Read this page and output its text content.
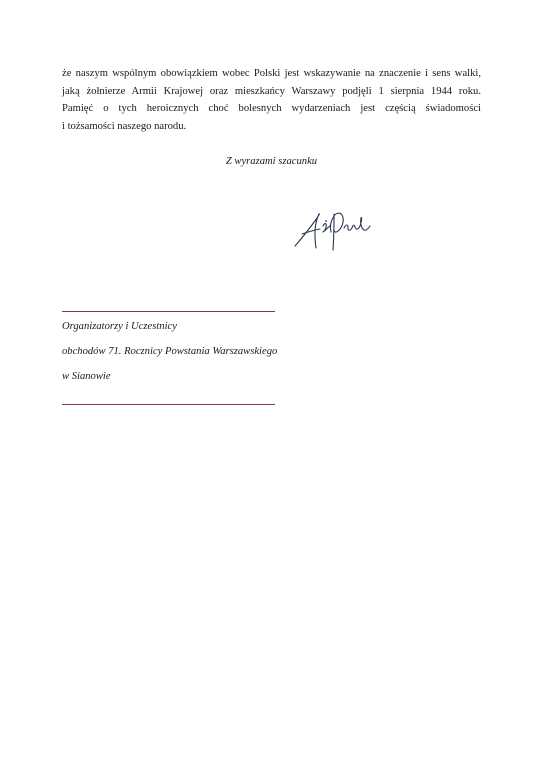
że naszym wspólnym obowiązkiem wobec Polski jest wskazywanie na znaczenie i sens walki,
jaką żołnierze Armii Krajowej oraz mieszkańcy Warszawy podjęli 1 sierpnia 1944 roku.
Pamięć o tych heroicznych choć bolesnych wydarzeniach jest częścią świadomości
i tożsamości naszego narodu.

Z wyrazami szacunku
Organizatorzy i Uczestnicy
obchodów 71. Rocznicy Powstania Warszawskiego
w Sianowie
